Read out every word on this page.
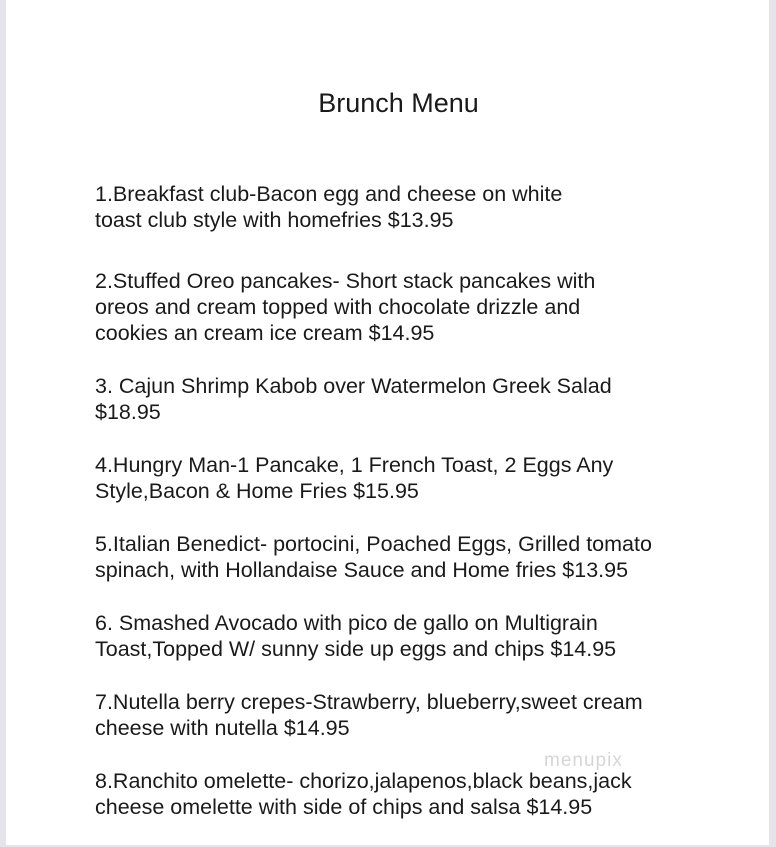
Brunch Menu
1.Breakfast club-Bacon egg and cheese on white
toast club style with homefries $13.95
2.Stuffed Oreo pancakes- Short stack pancakes with
oreos and cream topped with chocolate drizzle and
cookies an cream ice cream $14.95
3. Cajun Shrimp Kabob over Watermelon Greek Salad
$18.95
4.Hungry Man-1 Pancake, 1 French Toast, 2 Eggs Any
Style,Bacon & Home Fries $15.95
5.Italian Benedict- portocini, Poached Eggs, Grilled tomato
spinach, with Hollandaise Sauce and Home fries $13.95
6. Smashed Avocado with pico de gallo on Multigrain
Toast,Topped W/ sunny side up eggs and chips $14.95
7.Nutella berry crepes-Strawberry, blueberry,sweet cream
cheese with nutella $14.95
8.Ranchito omelette- chorizo,jalapenos,black beans,jack
cheese omelette with side of chips and salsa $14.95
menupix
